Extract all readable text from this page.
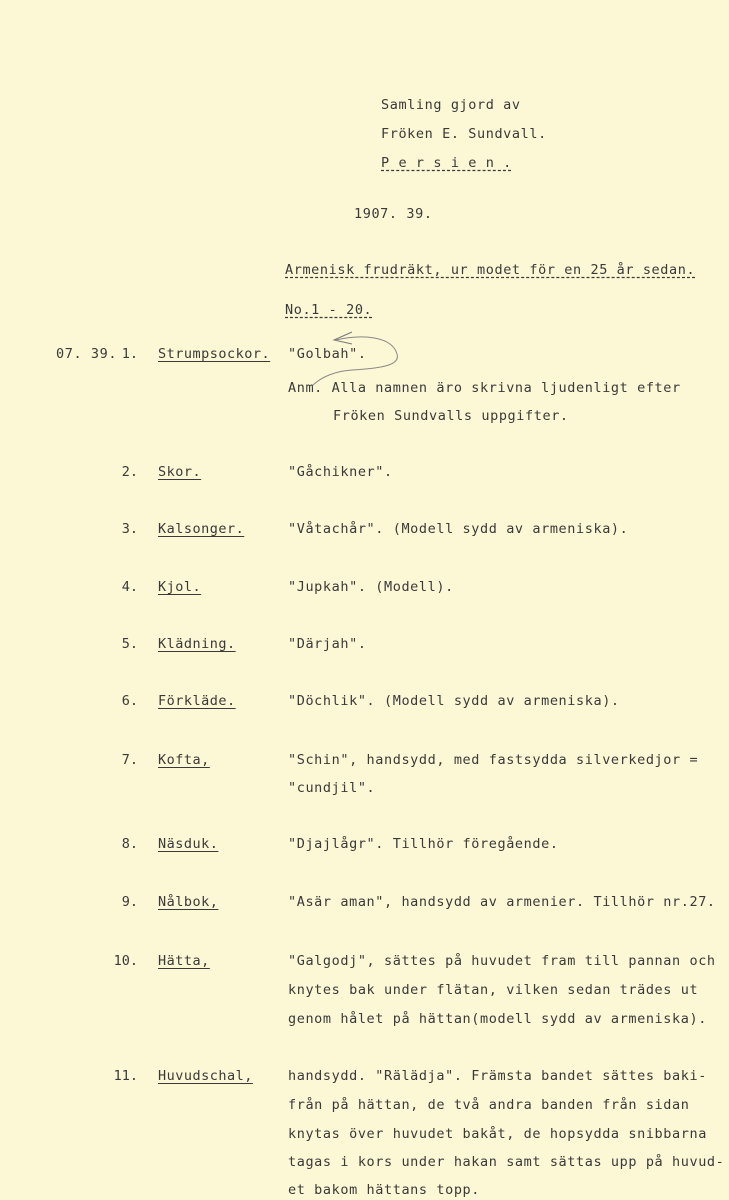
Samling gjord av
Fröken E. Sundvall.
P e r s i e n .
1907. 39.
Armenisk frudräkt, ur modet för en 25 år sedan.
No.1 - 20.
07. 39. 1. Strumpsockor. "Golbah".
Anm. Alla namnen äro skrivna ljudenligt efter
Fröken Sundvalls uppgifter.
2. Skor.	"Gåchikner".
3. Kalsonger.	"Våtachår". (Modell sydd av armeniska).
4. Kjol.	"Jupkah". (Modell).
5. Klädning.	"Därjah".
6. Förkläde.	"Döchlik". (Modell sydd av armeniska).
7. Kofta,	"Schin", handsydd, med fastsydda silverkedjor =
"cundjil".
8. Näsduk.	"Djajlågr". Tillhör föregående.
9. Nålbok,	"Asär aman", handsydd av armenier. Tillhör nr.27.
10. Hätta,	"Galgodj", sättes på huvudet fram till pannan och
knytes bak under flätan, vilken sedan trädes ut
genom hålet på hättan(modell sydd av armeniska).
11. Huvudschal,	handsydd. "Rälädja". Främsta bandet sättes baki-
från på hättan, de två andra banden från sidan
knytas över huvudet bakåt, de hopsydda snibbarna
tagas i kors under hakan samt sättas upp på huvud-
et bakom hättans topp.
